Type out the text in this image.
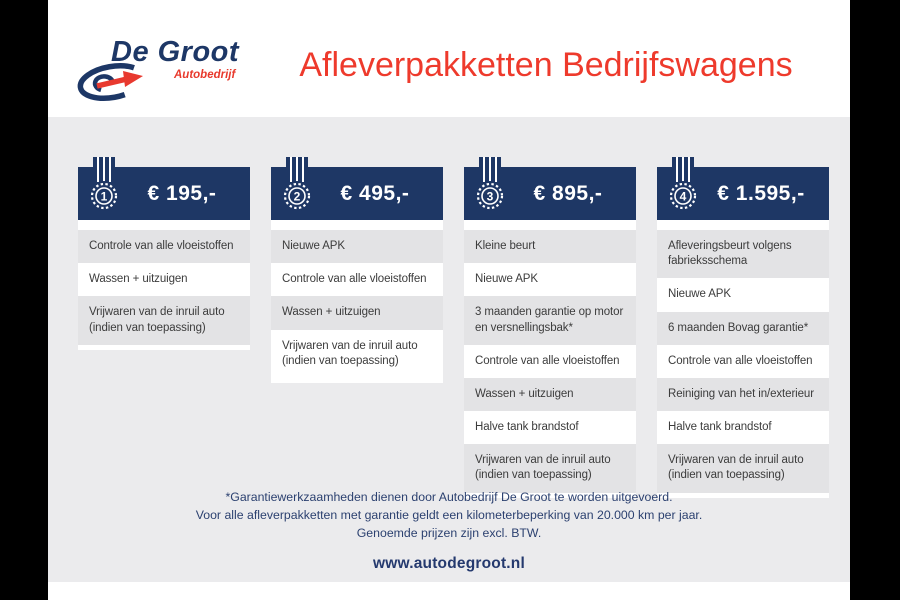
De Groot
Autobedrijf	Afleverpakketten Bedrijfswagens
1 € 195,-
Controle van alle vloeistoffen
Wassen + uitzuigen
Vrijwaren van de inruil auto (indien van toepassing)
2 € 495,-
Nieuwe APK
Controle van alle vloeistoffen
Wassen + uitzuigen
Vrijwaren van de inruil auto (indien van toepassing)
3 € 895,-
Kleine beurt
Nieuwe APK
3 maanden garantie op motor en versnellingsbak*
Controle van alle vloeistoffen
Wassen + uitzuigen
Halve tank brandstof
Vrijwaren van de inruil auto (indien van toepassing)
4 € 1.595,-
Afleveringsbeurt volgens fabrieksschema
Nieuwe APK
6 maanden Bovag garantie*
Controle van alle vloeistoffen
Reiniging van het in/exterieur
Halve tank brandstof
Vrijwaren van de inruil auto (indien van toepassing)
*Garantiewerkzaamheden dienen door Autobedrijf De Groot te worden uitgevoerd.
Voor alle afleverpakketten met garantie geldt een kilometerbeperking van 20.000 km per jaar.
Genoemde prijzen zijn excl. BTW.
www.autodegroot.nl
